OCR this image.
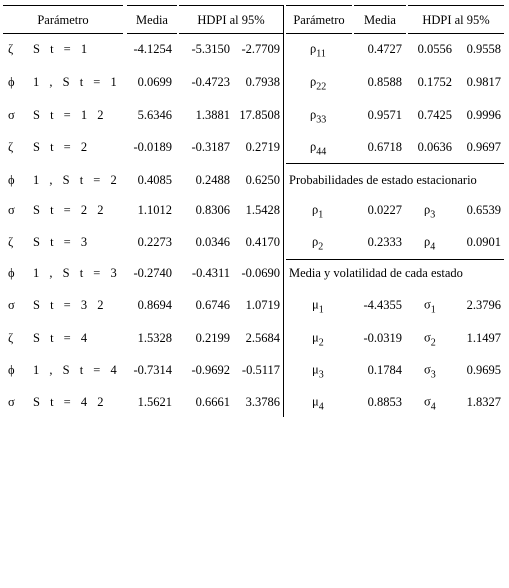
Parámetro	Media	HDPI al 95%	Parámetro	Media	HDPI al 95%
ζ S t = 1	-4.1254	-5.3150 -2.7709
ϕ 1 , S t = 1	0.0699	-0.4723	0.7938
σ S t = 1 2	5.6346	1.3881 17.8508
ζ S t = 2	-0.0189	-0.3187	0.2719
ϕ 1 , S t = 2	0.4085	0.2488	0.6250
σ S t = 2 2	1.1012	0.8306	1.5428
ζ S t = 3	0.2273	0.0346	0.4170
ϕ 1 , S t = 3	-0.2740	-0.4311 -0.0690
σ S t = 3 2	0.8694	0.6746	1.0719
ζ S t = 4	1.5328	0.2199	2.5684
ϕ 1 , S t = 4	-0.7314	-0.9692 -0.5117
σ S t = 4 2	1.5621	0.6661	3.3786
$\rho_{11}$	0.4727	0.0556	0.9558
$\rho_{22}$	0.8588	0.1752	0.9817
$\rho_{33}$	0.9571	0.7425	0.9996
$\rho_{44}$	0.6718	0.0636	0.9697
$\rho_1$	0.0227 $\rho_3$	0.6539
$\rho_2$	0.2333 $\rho_4$	0.0901
$\mu_1$	-4.4355 $\sigma_1$	2.3796
$\mu_2$	-0.0319 $\sigma_2$	1.1497
$\mu_3$	0.1784 $\sigma_3$	0.9695
$\mu_4$	0.8853 $\sigma_4$	1.8327
Probabilidades de estado estacionario
Media y volatilidad de cada estado
